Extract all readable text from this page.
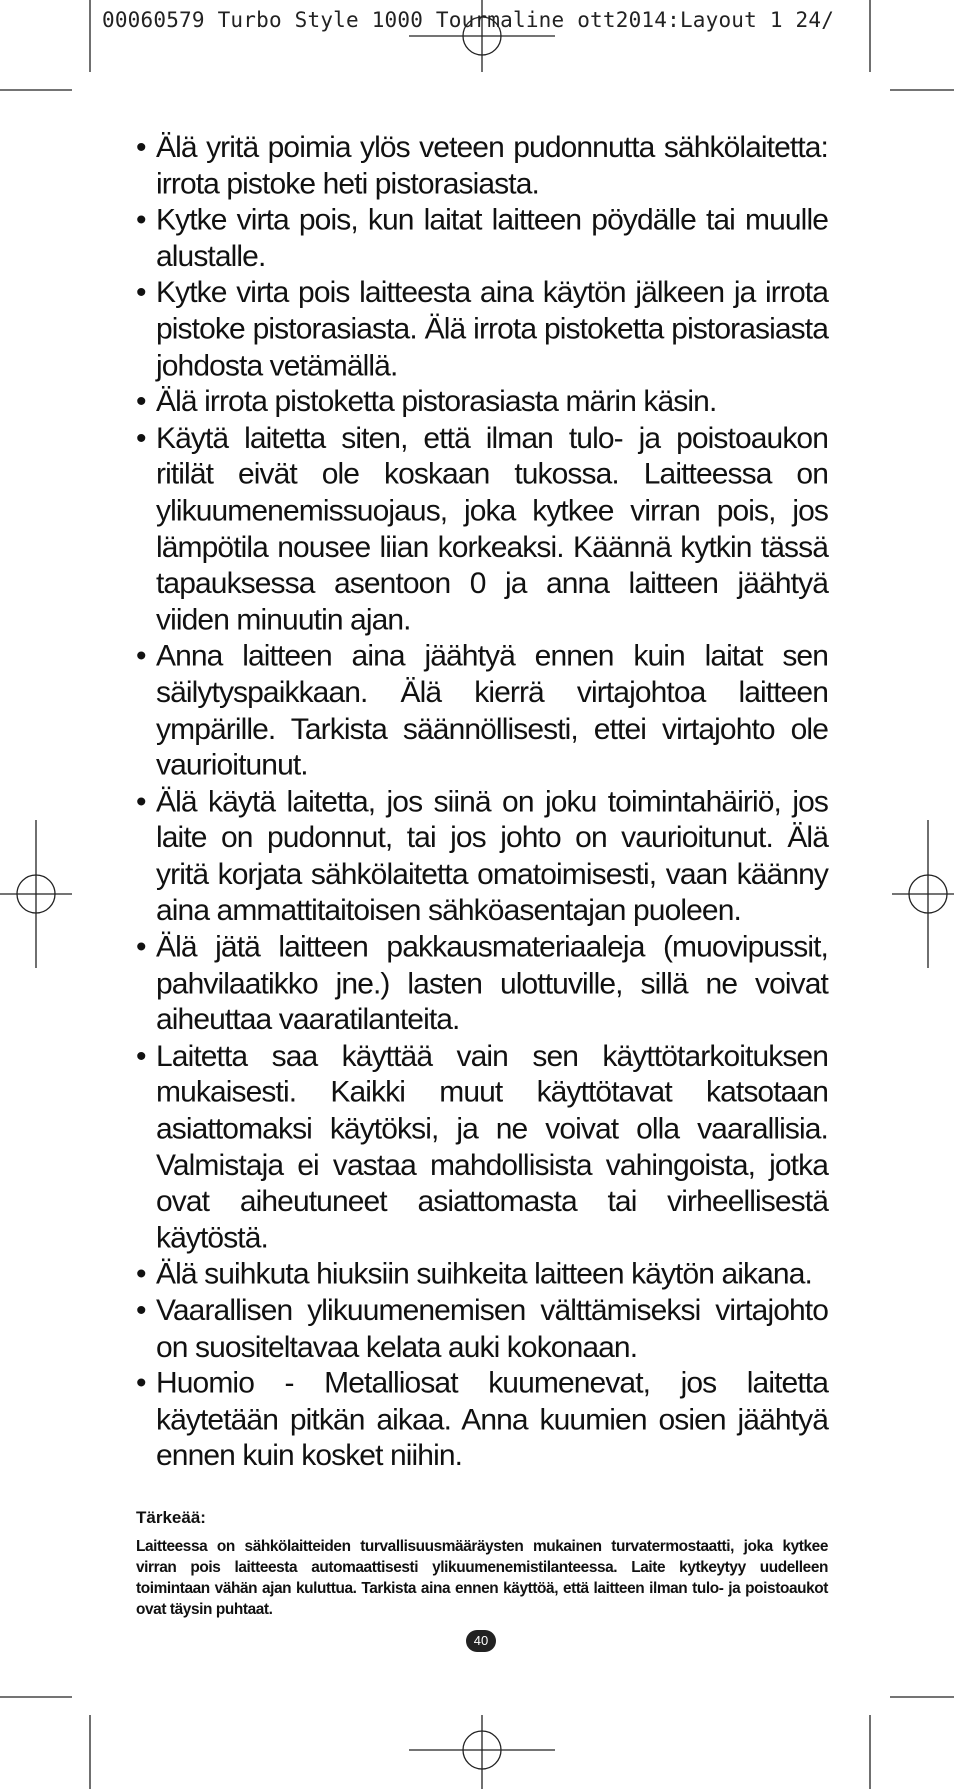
00060579 Turbo Style 1000 Tourmaline ott2014:Layout 1 24/
• Älä yritä poimia ylös veteen pudonnutta sähkölaitetta: irrota pistoke heti pistorasiasta.
• Kytke virta pois, kun laitat laitteen pöydälle tai muulle alustalle.
• Kytke virta pois laitteesta aina käytön jälkeen ja irrota pistoke pistorasiasta. Älä irrota pistoketta pistorasiasta johdosta vetämällä.
• Älä irrota pistoketta pistorasiasta märin käsin.
• Käytä laitetta siten, että ilman tulo- ja poistoaukon ritilät eivät ole koskaan tukossa. Laitteessa on ylikuumenemissuojaus, joka kytkee virran pois, jos lämpötila nousee liian korkeaksi. Käännä kytkin tässä tapauksessa asentoon 0 ja anna laitteen jäähtyä viiden minuutin ajan.
• Anna laitteen aina jäähtyä ennen kuin laitat sen säilytyspaikkaan. Älä kierrä virtajohtoa laitteen ympärille. Tarkista säännöllisesti, ettei virtajohto ole vaurioitunut.
• Älä käytä laitetta, jos siinä on joku toimintahäiriö, jos laite on pudonnut, tai jos johto on vaurioitunut. Älä yritä korjata sähkölaitetta omatoimisesti, vaan käänny aina ammattitaitoisen sähköasentajan puoleen.
• Älä jätä laitteen pakkausmateriaaleja (muovipussit, pahvilaatikko jne.) lasten ulottuville, sillä ne voivat aiheuttaa vaaratilanteita.
• Laitetta saa käyttää vain sen käyttötarkoituksen mukaisesti. Kaikki muut käyttötavat katsotaan asiattomaksi käytöksi, ja ne voivat olla vaarallisia. Valmistaja ei vastaa mahdollisista vahingoista, jotka ovat aiheutuneet asiattomasta tai virheellisestä käytöstä.
• Älä suihkuta hiuksiin suihkeita laitteen käytön aikana.
• Vaarallisen ylikuumenemisen välttämiseksi virtajohto on suositeltavaa kelata auki kokonaan.
• Huomio - Metalliosat kuumenevat, jos laitetta käytetään pitkän aikaa. Anna kuumien osien jäähtyä ennen kuin kosket niihin.
Tärkeää:
Laitteessa on sähkölaitteiden turvallisuusmääräysten mukainen turvatermostaatti, joka kytkee virran pois laitteesta automaattisesti ylikuumenemistilanteessa. Laite kytkeytyy uudelleen toimintaan vähän ajan kuluttua. Tarkista aina ennen käyttöä, että laitteen ilman tulo- ja poistoaukot ovat täysin puhtaat.
40
